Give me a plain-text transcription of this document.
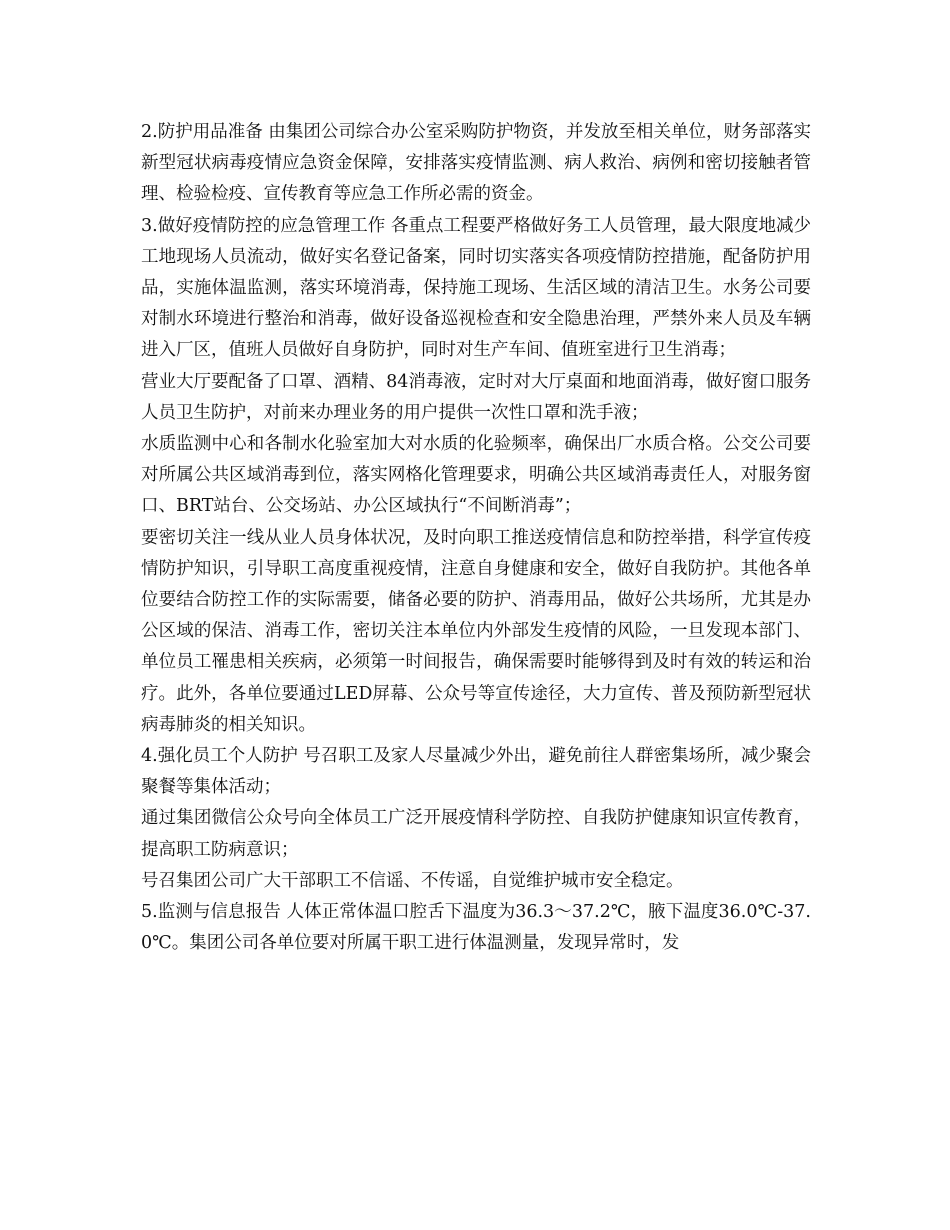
2.防护用品准备 由集团公司综合办公室采购防护物资，并发放至相关单位，财务部落实新型冠状病毒疫情应急资金保障，安排落实疫情监测、病人救治、病例和密切接触者管理、检验检疫、宣传教育等应急工作所必需的资金。

3.做好疫情防控的应急管理工作 各重点工程要严格做好务工人员管理，最大限度地减少工地现场人员流动，做好实名登记备案，同时切实落实各项疫情防控措施，配备防护用品，实施体温监测，落实环境消毒，保持施工现场、生活区域的清洁卫生。水务公司要对制水环境进行整治和消毒，做好设备巡视检查和安全隐患治理，严禁外来人员及车辆进入厂区，值班人员做好自身防护，同时对生产车间、值班室进行卫生消毒；

营业大厅要配备了口罩、酒精、84消毒液，定时对大厅桌面和地面消毒，做好窗口服务人员卫生防护，对前来办理业务的用户提供一次性口罩和洗手液；

水质监测中心和各制水化验室加大对水质的化验频率，确保出厂水质合格。公交公司要对所属公共区域消毒到位，落实网格化管理要求，明确公共区域消毒责任人，对服务窗口、BRT站台、公交场站、办公区域执行“不间断消毒”；

要密切关注一线从业人员身体状况，及时向职工推送疫情信息和防控举措，科学宣传疫情防护知识，引导职工高度重视疫情，注意自身健康和安全，做好自我防护。其他各单位要结合防控工作的实际需要，储备必要的防护、消毒用品，做好公共场所，尤其是办公区域的保洁、消毒工作，密切关注本单位内外部发生疫情的风险，一旦发现本部门、单位员工罹患相关疾病，必须第一时间报告，确保需要时能够得到及时有效的转运和治疗。此外，各单位要通过LED屏幕、公众号等宣传途径，大力宣传、普及预防新型冠状病毒肺炎的相关知识。

4.强化员工个人防护 号召职工及家人尽量减少外出，避免前往人群密集场所，减少聚会聚餐等集体活动；

通过集团微信公众号向全体员工广泛开展疫情科学防控、自我防护健康知识宣传教育，提高职工防病意识；

号召集团公司广大干部职工不信谣、不传谣，自觉维护城市安全稳定。

5.监测与信息报告 人体正常体温口腔舌下温度为36.3～37.2℃，腋下温度36.0℃-37.0℃。集团公司各单位要对所属干职工进行体温测量，发现异常时，发
